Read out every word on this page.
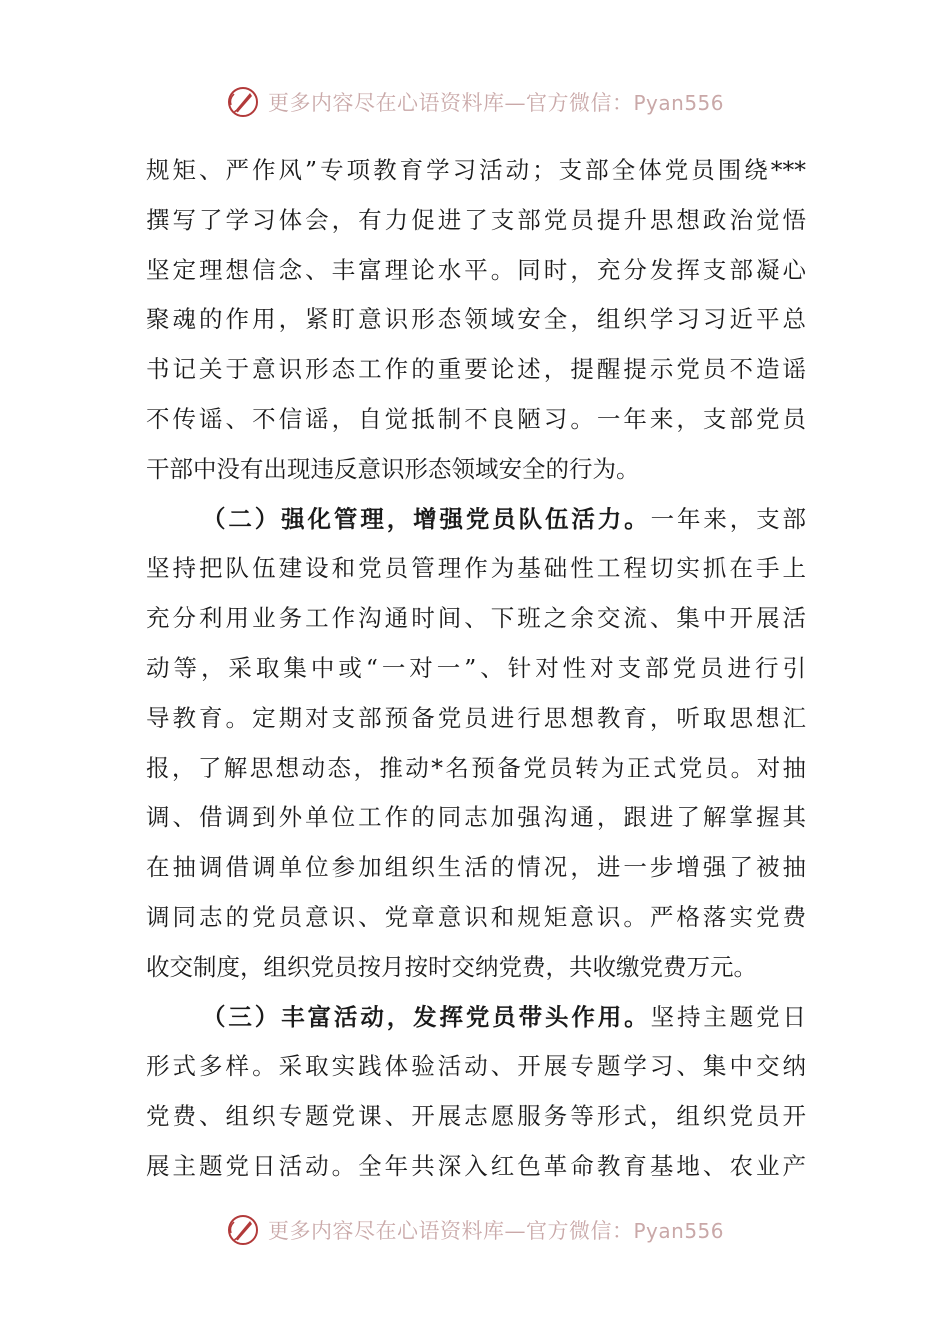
更多内容尽在心语资料库—官方微信：Pyan556
规矩、严作风”专项教育学习活动；支部全体党员围绕***
撰写了学习体会，有力促进了支部党员提升思想政治觉悟
坚定理想信念、丰富理论水平。同时，充分发挥支部凝心
聚魂的作用，紧盯意识形态领域安全，组织学习习近平总
书记关于意识形态工作的重要论述，提醒提示党员不造谣
不传谣、不信谣，自觉抵制不良陋习。一年来，支部党员
干部中没有出现违反意识形态领域安全的行为。
（二）强化管理，增强党员队伍活力。一年来，支部
坚持把队伍建设和党员管理作为基础性工程切实抓在手上
充分利用业务工作沟通时间、下班之余交流、集中开展活
动等，采取集中或“一对一”、针对性对支部党员进行引
导教育。定期对支部预备党员进行思想教育，听取思想汇
报，了解思想动态，推动*名预备党员转为正式党员。对抽
调、借调到外单位工作的同志加强沟通，跟进了解掌握其
在抽调借调单位参加组织生活的情况，进一步增强了被抽
调同志的党员意识、党章意识和规矩意识。严格落实党费
收交制度，组织党员按月按时交纳党费，共收缴党费万元。
（三）丰富活动，发挥党员带头作用。坚持主题党日
形式多样。采取实践体验活动、开展专题学习、集中交纳
党费、组织专题党课、开展志愿服务等形式，组织党员开
展主题党日活动。全年共深入红色革命教育基地、农业产
更多内容尽在心语资料库—官方微信：Pyan556
